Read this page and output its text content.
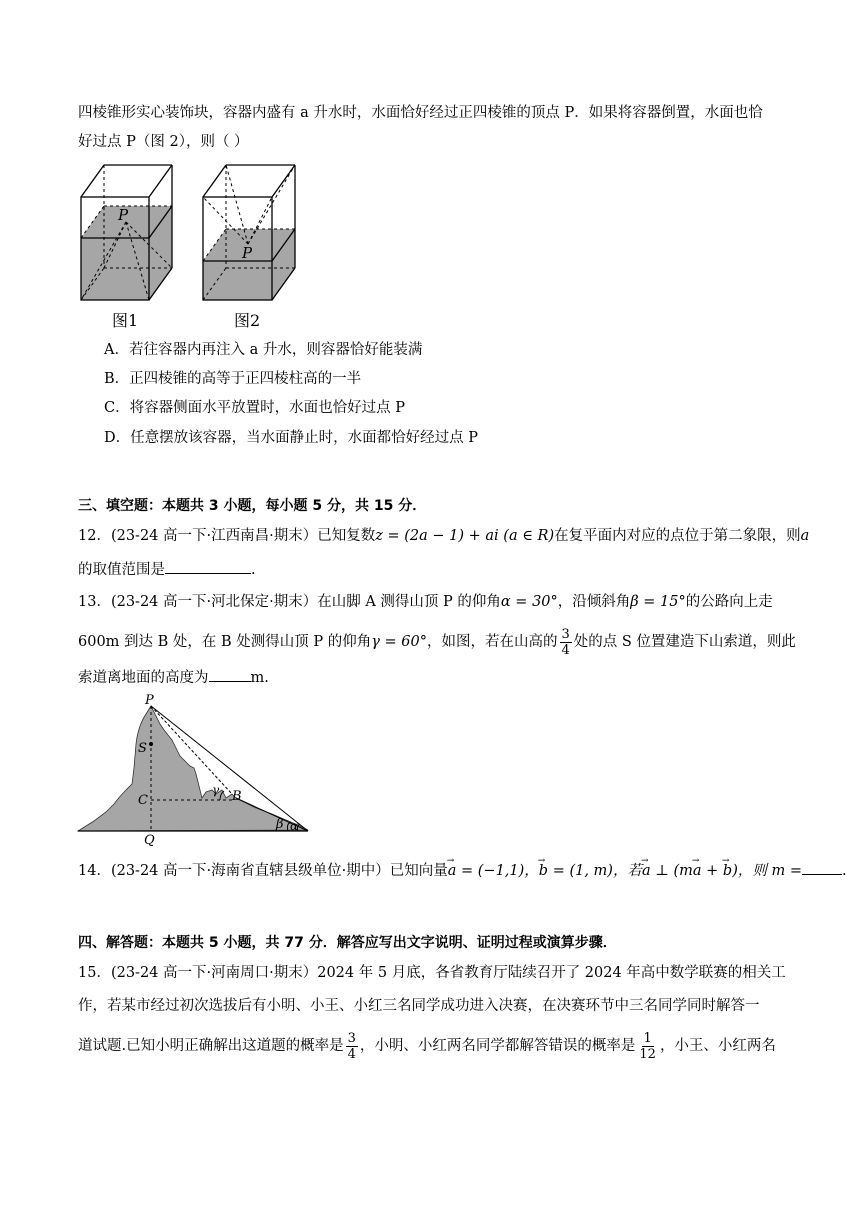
四棱锥形实心装饰块，容器内盛有 a 升水时，水面恰好经过正四棱锥的顶点 P．如果将容器倒置，水面也恰
好过点 P（图 2），则（ ）
P
图1
P
图2
A．若往容器内再注入 a 升水，则容器恰好能装满
B．正四棱锥的高等于正四棱柱高的一半
C．将容器侧面水平放置时，水面也恰好过点 P
D．任意摆放该容器，当水面静止时，水面都恰好经过点 P
三、填空题：本题共 3 小题，每小题 5 分，共 15 分．
12．(23-24 高一下·江西南昌·期末）已知复数z = (2a − 1) + ai (a ∈ R)在复平面内对应的点位于第二象限，则a
的取值范围是	.
13．(23-24 高一下·河北保定·期末）在山脚 A 测得山顶 P 的仰角α = 30°，沿倾斜角β = 15°的公路向上走
600m 到达 B 处，在 B 处测得山顶 P 的仰角γ = 60°，如图，若在山高的 $\frac{3}{4}$ 处的点 S 位置建造下山索道，则此
索道离地面的高度为	m.
P
S
C	B
Q
γ
β α
14．(23-24 高一下·海南省直辖县级单位·期中）已知向量→ a = (−1,1)，→ b = (1, m)，若→ a ⊥ (m→ a + → b)，则 m =	.
四、解答题：本题共 5 小题，共 77 分．解答应写出文字说明、证明过程或演算步骤．
15．(23-24 高一下·河南周口·期末）2024 年 5 月底，各省教育厅陆续召开了 2024 年高中数学联赛的相关工
作，若某市经过初次选拔后有小明、小王、小红三名同学成功进入决赛，在决赛环节中三名同学同时解答一
道试题.已知小明正确解出这道题的概率是 $\frac{3}{4}$ ，小明、小红两名同学都解答错误的概率是 $\frac{1}{12}$ ，小王、小红两名
